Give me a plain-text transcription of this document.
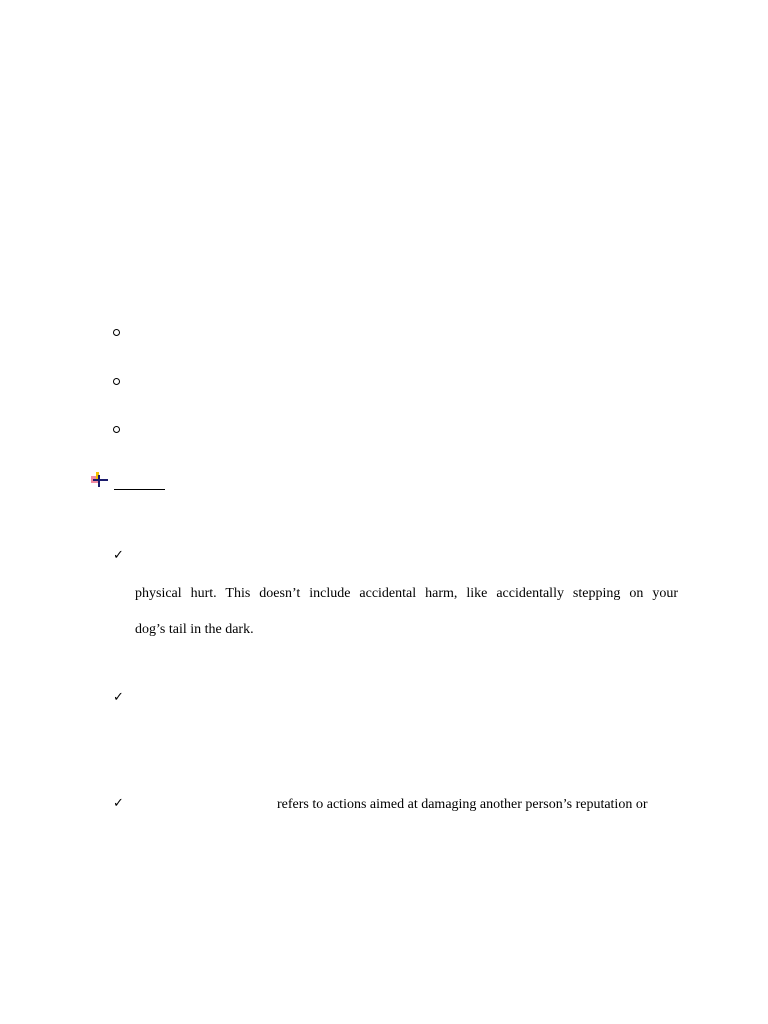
✓
physical hurt. This doesn’t include accidental harm, like accidentally stepping on your
dog’s tail in the dark.
✓
✓	refers to actions aimed at damaging another person’s reputation or
